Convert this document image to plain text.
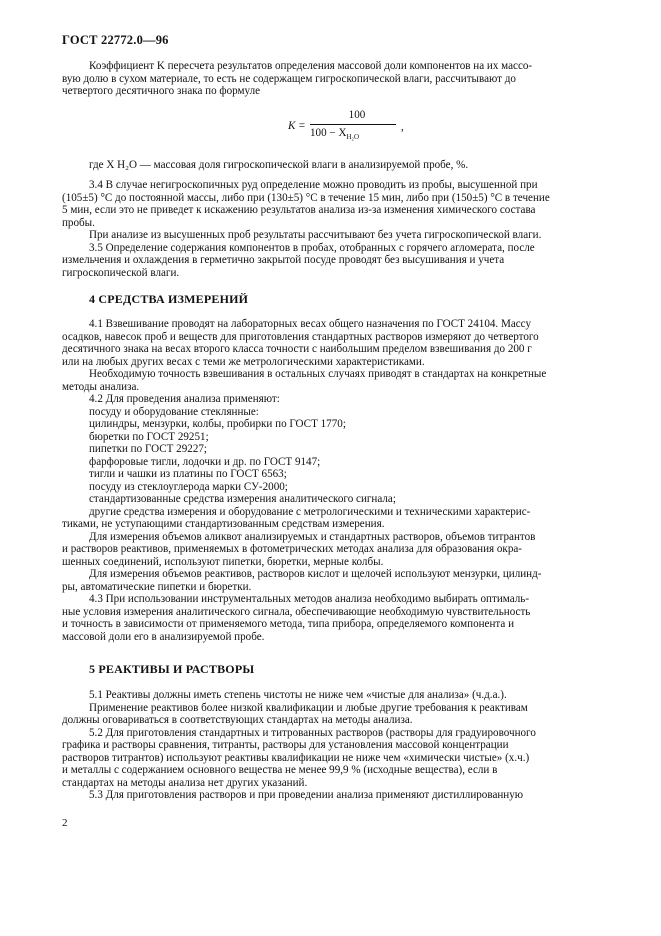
ГОСТ 22772.0—96

Коэффициент K пересчета результатов определения массовой доли компонентов на их массо-

вую долю в сухом материале, то есть не содержащем гигроскопической влаги, рассчитывают до

четвертого десятичного знака по формуле

K =
100
$100 - X_{H_2O}$
,

где X H₂O — массовая доля гигроскопической влаги в анализируемой пробе, %.

3.4 В случае негигроскопичных руд определение можно проводить из пробы, высушенной при

(105±5) °С до постоянной массы, либо при (130±5) °С в течение 15 мин, либо при (150±5) °С в течение

5 мин, если это не приведет к искажению результатов анализа из-за изменения химического состава

пробы.

При анализе из высушенных проб результаты рассчитывают без учета гигроскопической влаги.

3.5 Определение содержания компонентов в пробах, отобранных с горячего агломерата, после

измельчения и охлаждения в герметично закрытой посуде проводят без высушивания и учета

гигроскопической влаги.

4 СРЕДСТВА ИЗМЕРЕНИЙ

4.1 Взвешивание проводят на лабораторных весах общего назначения по ГОСТ 24104. Массу

осадков, навесок проб и веществ для приготовления стандартных растворов измеряют до четвертого

десятичного знака на весах второго класса точности с наибольшим пределом взвешивания до 200 г

или на любых других весах с теми же метрологическими характеристиками.

Необходимую точность взвешивания в остальных случаях приводят в стандартах на конкретные

методы анализа.

4.2 Для проведения анализа применяют:

посуду и оборудование стеклянные:

цилиндры, мензурки, колбы, пробирки по ГОСТ 1770;

бюретки по ГОСТ 29251;

пипетки по ГОСТ 29227;

фарфоровые тигли, лодочки и др. по ГОСТ 9147;

тигли и чашки из платины по ГОСТ 6563;

посуду из стеклоуглерода марки СУ-2000;

стандартизованные средства измерения аналитического сигнала;

другие средства измерения и оборудование с метрологическими и техническими характерис-

тиками, не уступающими стандартизованным средствам измерения.

Для измерения объемов аликвот анализируемых и стандартных растворов, объемов титрантов

и растворов реактивов, применяемых в фотометрических методах анализа для образования окра-

шенных соединений, используют пипетки, бюретки, мерные колбы.

Для измерения объемов реактивов, растворов кислот и щелочей используют мензурки, цилинд-

ры, автоматические пипетки и бюретки.

4.3 При использовании инструментальных методов анализа необходимо выбирать оптималь-

ные условия измерения аналитического сигнала, обеспечивающие необходимую чувствительность

и точность в зависимости от применяемого метода, типа прибора, определяемого компонента и

массовой доли его в анализируемой пробе.

5 РЕАКТИВЫ И РАСТВОРЫ

5.1 Реактивы должны иметь степень чистоты не ниже чем «чистые для анализа» (ч.д.а.).

Применение реактивов более низкой квалификации и любые другие требования к реактивам

должны оговариваться в соответствующих стандартах на методы анализа.

5.2 Для приготовления стандартных и титрованных растворов (растворы для градуировочного

графика и растворы сравнения, титранты, растворы для установления массовой концентрации

растворов титрантов) используют реактивы квалификации не ниже чем «химически чистые» (х.ч.)

и металлы с содержанием основного вещества не менее 99,9 % (исходные вещества), если в

стандартах на методы анализа нет других указаний.

5.3 Для приготовления растворов и при проведении анализа применяют дистиллированную

2
